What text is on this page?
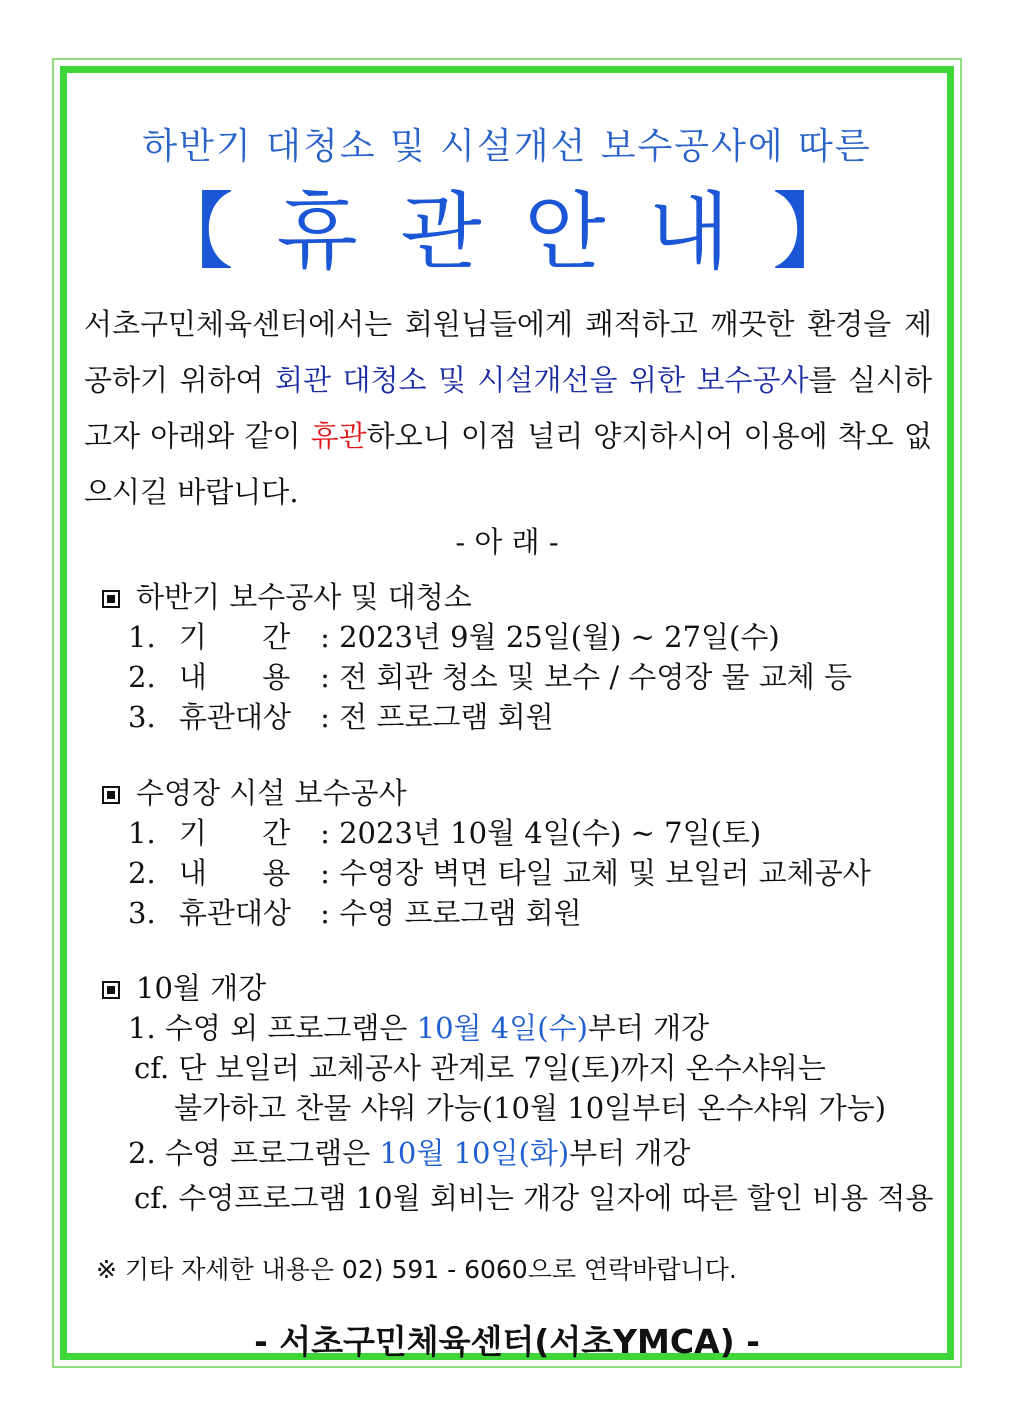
하반기 대청소 및 시설개선 보수공사에 따른
【 휴 관 안 내 】
서초구민체육센터에서는 회원님들에게 쾌적하고 깨끗한 환경을 제공하기 위하여 회관 대청소 및 시설개선을 위한 보수공사를 실시하고자 아래와 같이 휴관하오니 이점 널리 양지하시어 이용에 착오 없으시길 바랍니다.
- 아 래 -
하반기 보수공사 및 대청소
1. 기      간 : 2023년 9월 25일(월) ~ 27일(수)
2. 내      용 : 전 회관 청소 및 보수 / 수영장 물 교체 등
3. 휴관대상 : 전 프로그램 회원
수영장 시설 보수공사
1. 기      간 : 2023년 10월 4일(수) ~ 7일(토)
2. 내      용 : 수영장 벽면 타일 교체 및 보일러 교체공사
3. 휴관대상 : 수영 프로그램 회원
10월 개강
1. 수영 외 프로그램은 10월 4일(수)부터 개강
cf. 단 보일러 교체공사 관계로 7일(토)까지 온수샤워는
불가하고 찬물 샤워 가능(10월 10일부터 온수샤워 가능)
2. 수영 프로그램은 10월 10일(화)부터 개강
cf. 수영프로그램 10월 회비는 개강 일자에 따른 할인 비용 적용
※ 기타 자세한 내용은 02) 591 - 6060으로 연락바랍니다.
- 서초구민체육센터(서초YMCA) -
